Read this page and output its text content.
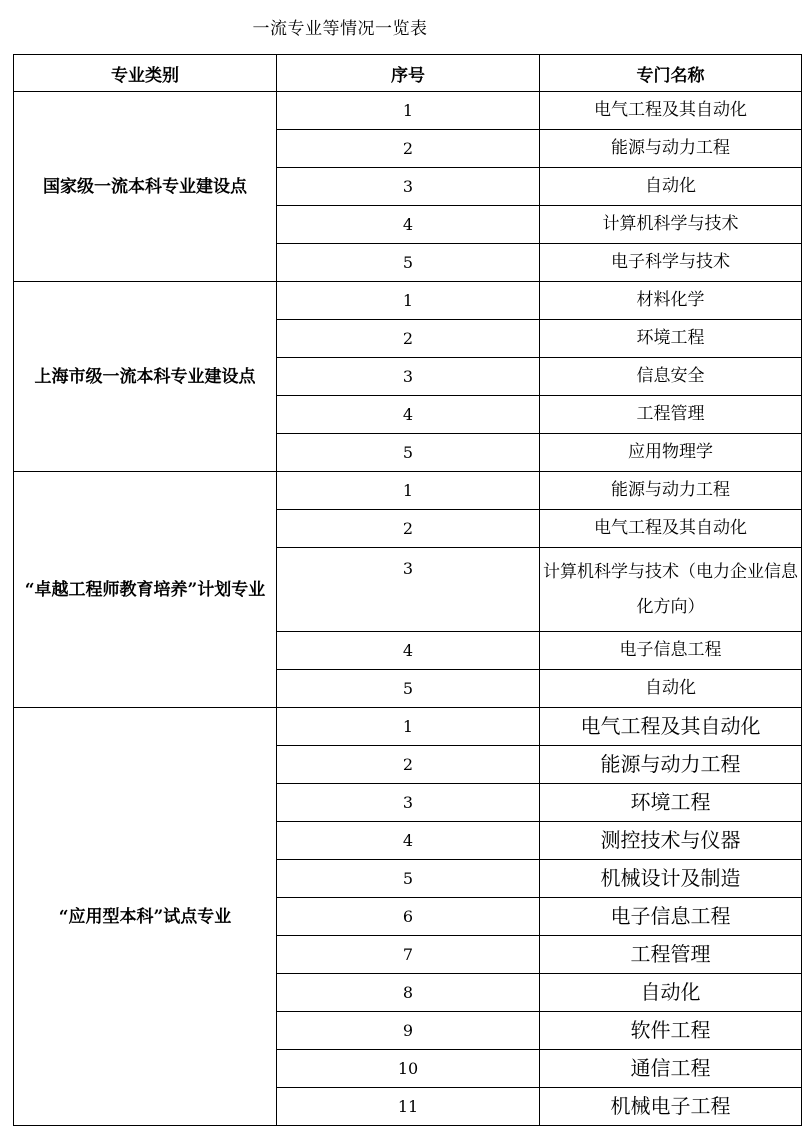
一流专业等情况一览表
专业类别	序号	专门名称
国家级一流本科专业建设点	1	电气工程及其自动化
	2	能源与动力工程
	3	自动化
	4	计算机科学与技术
	5	电子科学与技术
上海市级一流本科专业建设点	1	材料化学
	2	环境工程
	3	信息安全
	4	工程管理
	5	应用物理学
“卓越工程师教育培养”计划专业	1	能源与动力工程
	2	电气工程及其自动化
	3	计算机科学与技术（电力企业信息化方向）
	4	电子信息工程
	5	自动化
“应用型本科”试点专业	1	电气工程及其自动化
	2	能源与动力工程
	3	环境工程
	4	测控技术与仪器
	5	机械设计及制造
	6	电子信息工程
	7	工程管理
	8	自动化
	9	软件工程
	10	通信工程
	11	机械电子工程
